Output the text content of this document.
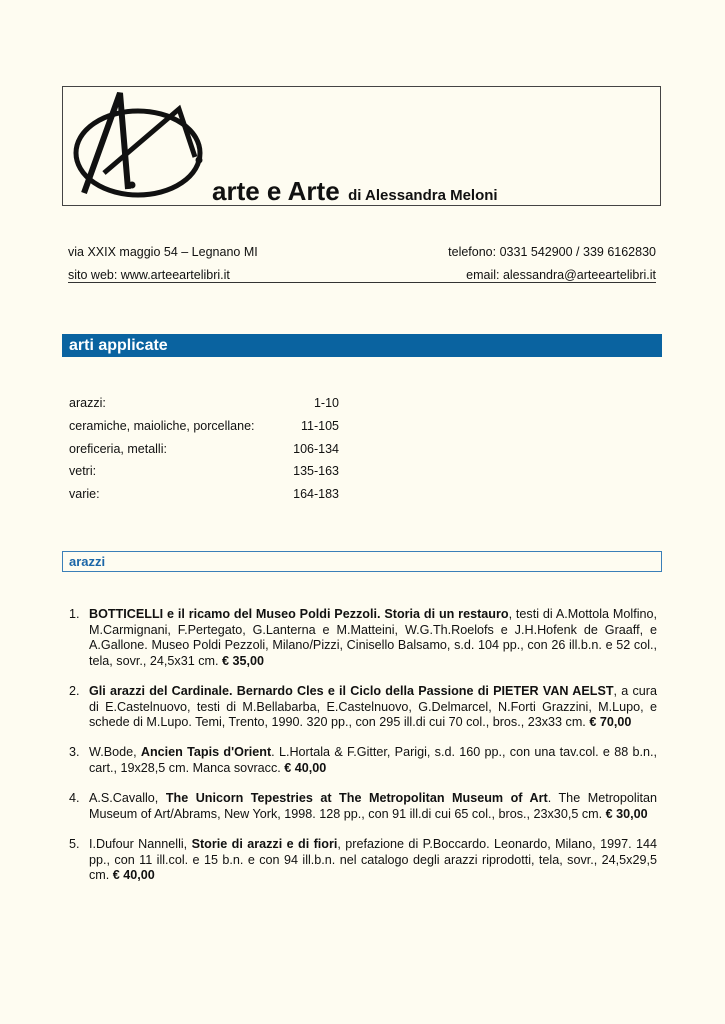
arte e Arte di Alessandra Meloni
via XXIX maggio 54 – Legnano MI	telefono: 0331 542900 / 339 6162830
sito web: www.arteeartelibri.it	email: alessandra@arteeartelibri.it
arti applicate
arazzi:	1-10
ceramiche, maioliche, porcellane:	11-105
oreficeria, metalli:	106-134
vetri:	135-163
varie:	164-183
arazzi
1. BOTTICELLI e il ricamo del Museo Poldi Pezzoli. Storia di un restauro, testi di A.Mottola Molfino, M.Carmignani, F.Pertegato, G.Lanterna e M.Matteini, W.G.Th.Roelofs e J.H.Hofenk de Graaff, e A.Gallone. Museo Poldi Pezzoli, Milano/Pizzi, Cinisello Balsamo, s.d. 104 pp., con 26 ill.b.n. e 52 col., tela, sovr., 24,5x31 cm. € 35,00
2. Gli arazzi del Cardinale. Bernardo Cles e il Ciclo della Passione di PIETER VAN AELST, a cura di E.Castelnuovo, testi di M.Bellabarba, E.Castelnuovo, G.Delmarcel, N.Forti Grazzini, M.Lupo, e schede di M.Lupo. Temi, Trento, 1990. 320 pp., con 295 ill.di cui 70 col., bros., 23x33 cm. € 70,00
3. W.Bode, Ancien Tapis d'Orient. L.Hortala & F.Gitter, Parigi, s.d. 160 pp., con una tav.col. e 88 b.n., cart., 19x28,5 cm. Manca sovracc. € 40,00
4. A.S.Cavallo, The Unicorn Tepestries at The Metropolitan Museum of Art. The Metropolitan Museum of Art/Abrams, New York, 1998. 128 pp., con 91 ill.di cui 65 col., bros., 23x30,5 cm. € 30,00
5. I.Dufour Nannelli, Storie di arazzi e di fiori, prefazione di P.Boccardo. Leonardo, Milano, 1997. 144 pp., con 11 ill.col. e 15 b.n. e con 94 ill.b.n. nel catalogo degli arazzi riprodotti, tela, sovr., 24,5x29,5 cm. € 40,00
